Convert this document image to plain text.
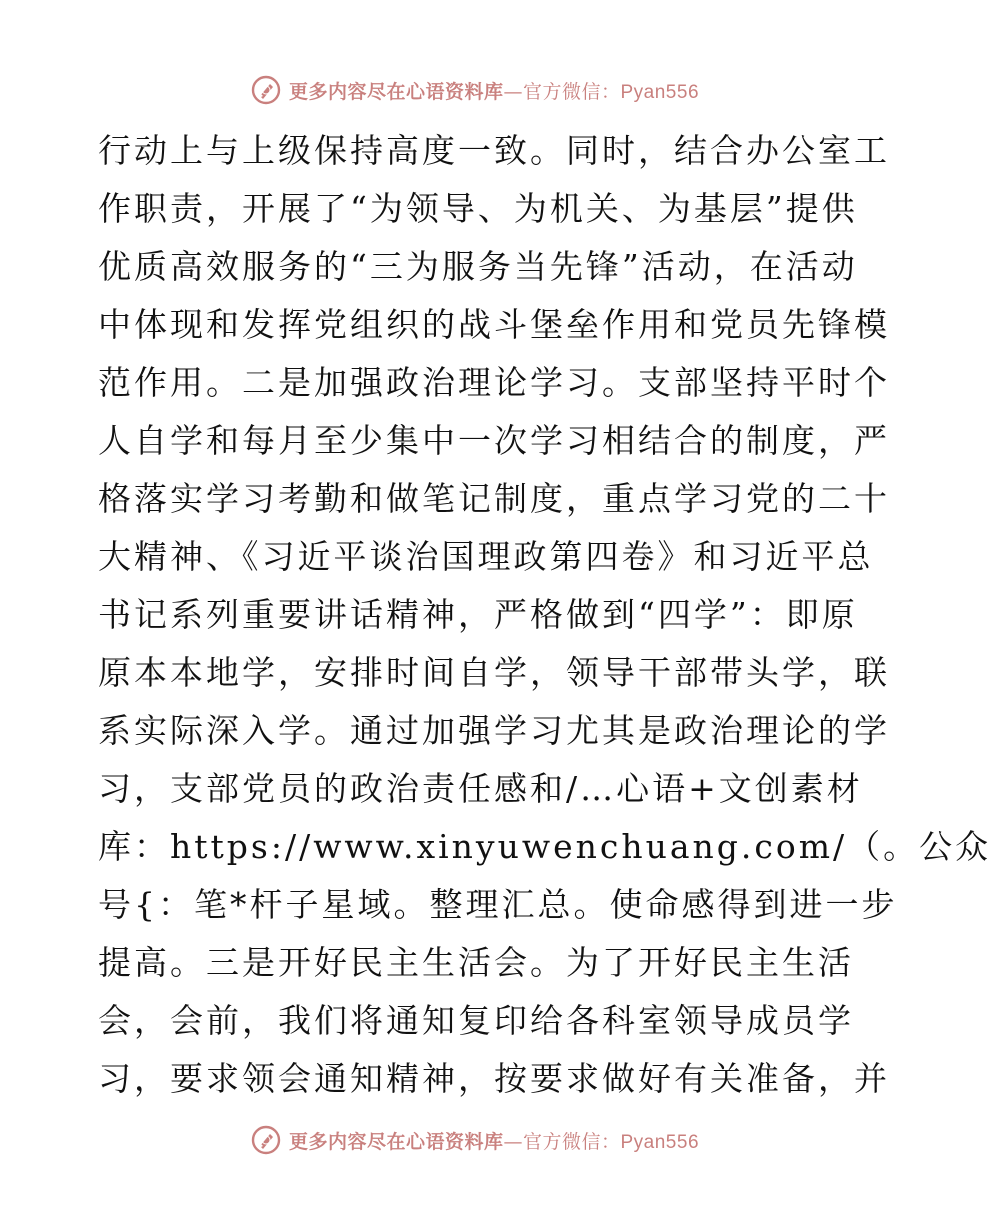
更多内容尽在心语资料库—官方微信：Pyan556
行动上与上级保持高度一致。同时，结合办公室工
作职责，开展了“为领导、为机关、为基层”提供
优质高效服务的“三为服务当先锋”活动，在活动
中体现和发挥党组织的战斗堡垒作用和党员先锋模
范作用。二是加强政治理论学习。支部坚持平时个
人自学和每月至少集中一次学习相结合的制度，严
格落实学习考勤和做笔记制度，重点学习党的二十
大精神、《习近平谈治国理政第四卷》和习近平总
书记系列重要讲话精神，严格做到“四学”：即原
原本本地学，安排时间自学，领导干部带头学，联
系实际深入学。通过加强学习尤其是政治理论的学
习，支部党员的政治责任感和/…心语+文创素材
库：https://www.xinyuwenchuang.com/（。公众
号{：笔*杆子星域。整理汇总。使命感得到进一步
提高。三是开好民主生活会。为了开好民主生活
会，会前，我们将通知复印给各科室领导成员学
习，要求领会通知精神，按要求做好有关准备，并
更多内容尽在心语资料库—官方微信：Pyan556
